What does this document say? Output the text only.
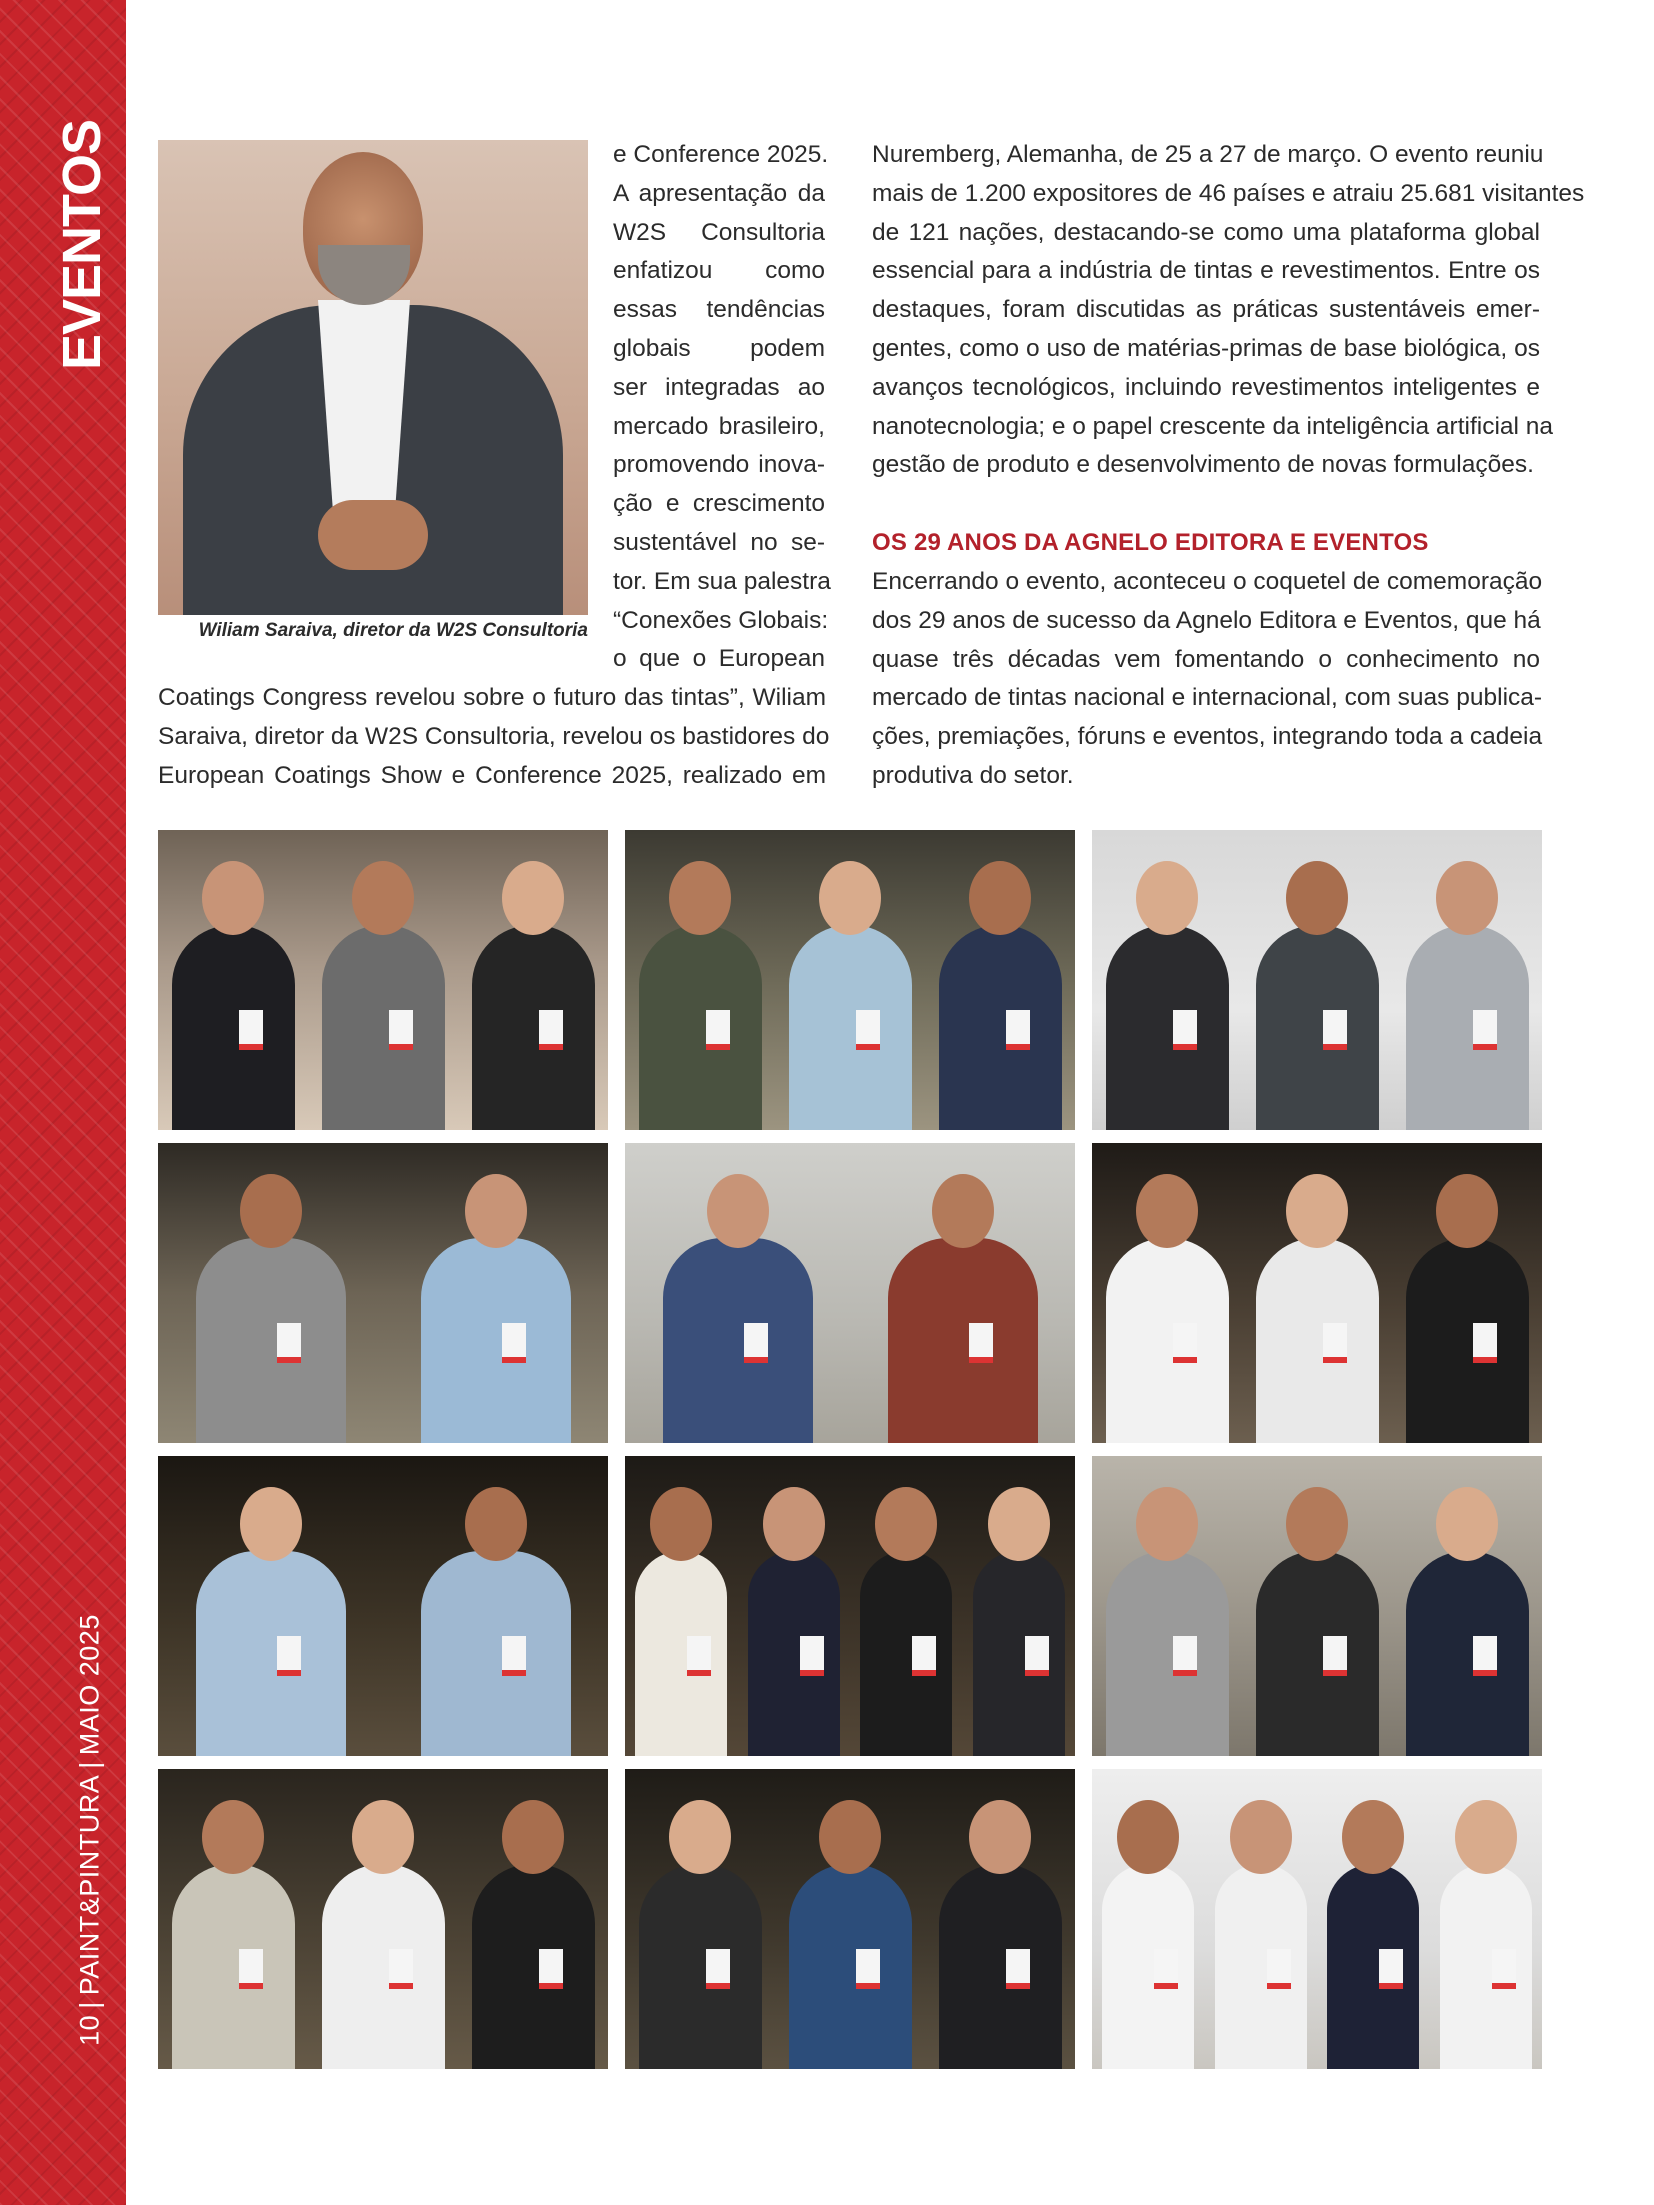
EVENTOS
10|PAINT&PINTURA|MAIO 2025
Wiliam Saraiva, diretor da W2S Consultoria
e Conference 2025.
A apresentação da
W2S Consultoria
enfatizou como
essas tendências
globais podem
ser integradas ao
mercado brasileiro,
promovendo inova-
ção e crescimento
sustentável no se-
tor. Em sua palestra
“Conexões Globais:
o que o European
Coatings Congress revelou sobre o futuro das tintas”, Wiliam
Saraiva, diretor da W2S Consultoria, revelou os bastidores do
European Coatings Show e Conference 2025, realizado em
Nuremberg, Alemanha, de 25 a 27 de março. O evento reuniu
mais de 1.200 expositores de 46 países e atraiu 25.681 visitantes
de 121 nações, destacando-se como uma plataforma global
essencial para a indústria de tintas e revestimentos. Entre os
destaques, foram discutidas as práticas sustentáveis emer-
gentes, como o uso de matérias-primas de base biológica, os
avanços tecnológicos, incluindo revestimentos inteligentes e
nanotecnologia; e o papel crescente da inteligência artificial na
gestão de produto e desenvolvimento de novas formulações.
OS 29 ANOS DA AGNELO EDITORA E EVENTOS
Encerrando o evento, aconteceu o coquetel de comemoração
dos 29 anos de sucesso da Agnelo Editora e Eventos, que há
quase três décadas vem fomentando o conhecimento no
mercado de tintas nacional e internacional, com suas publica-
ções, premiações, fóruns e eventos, integrando toda a cadeia
produtiva do setor.
